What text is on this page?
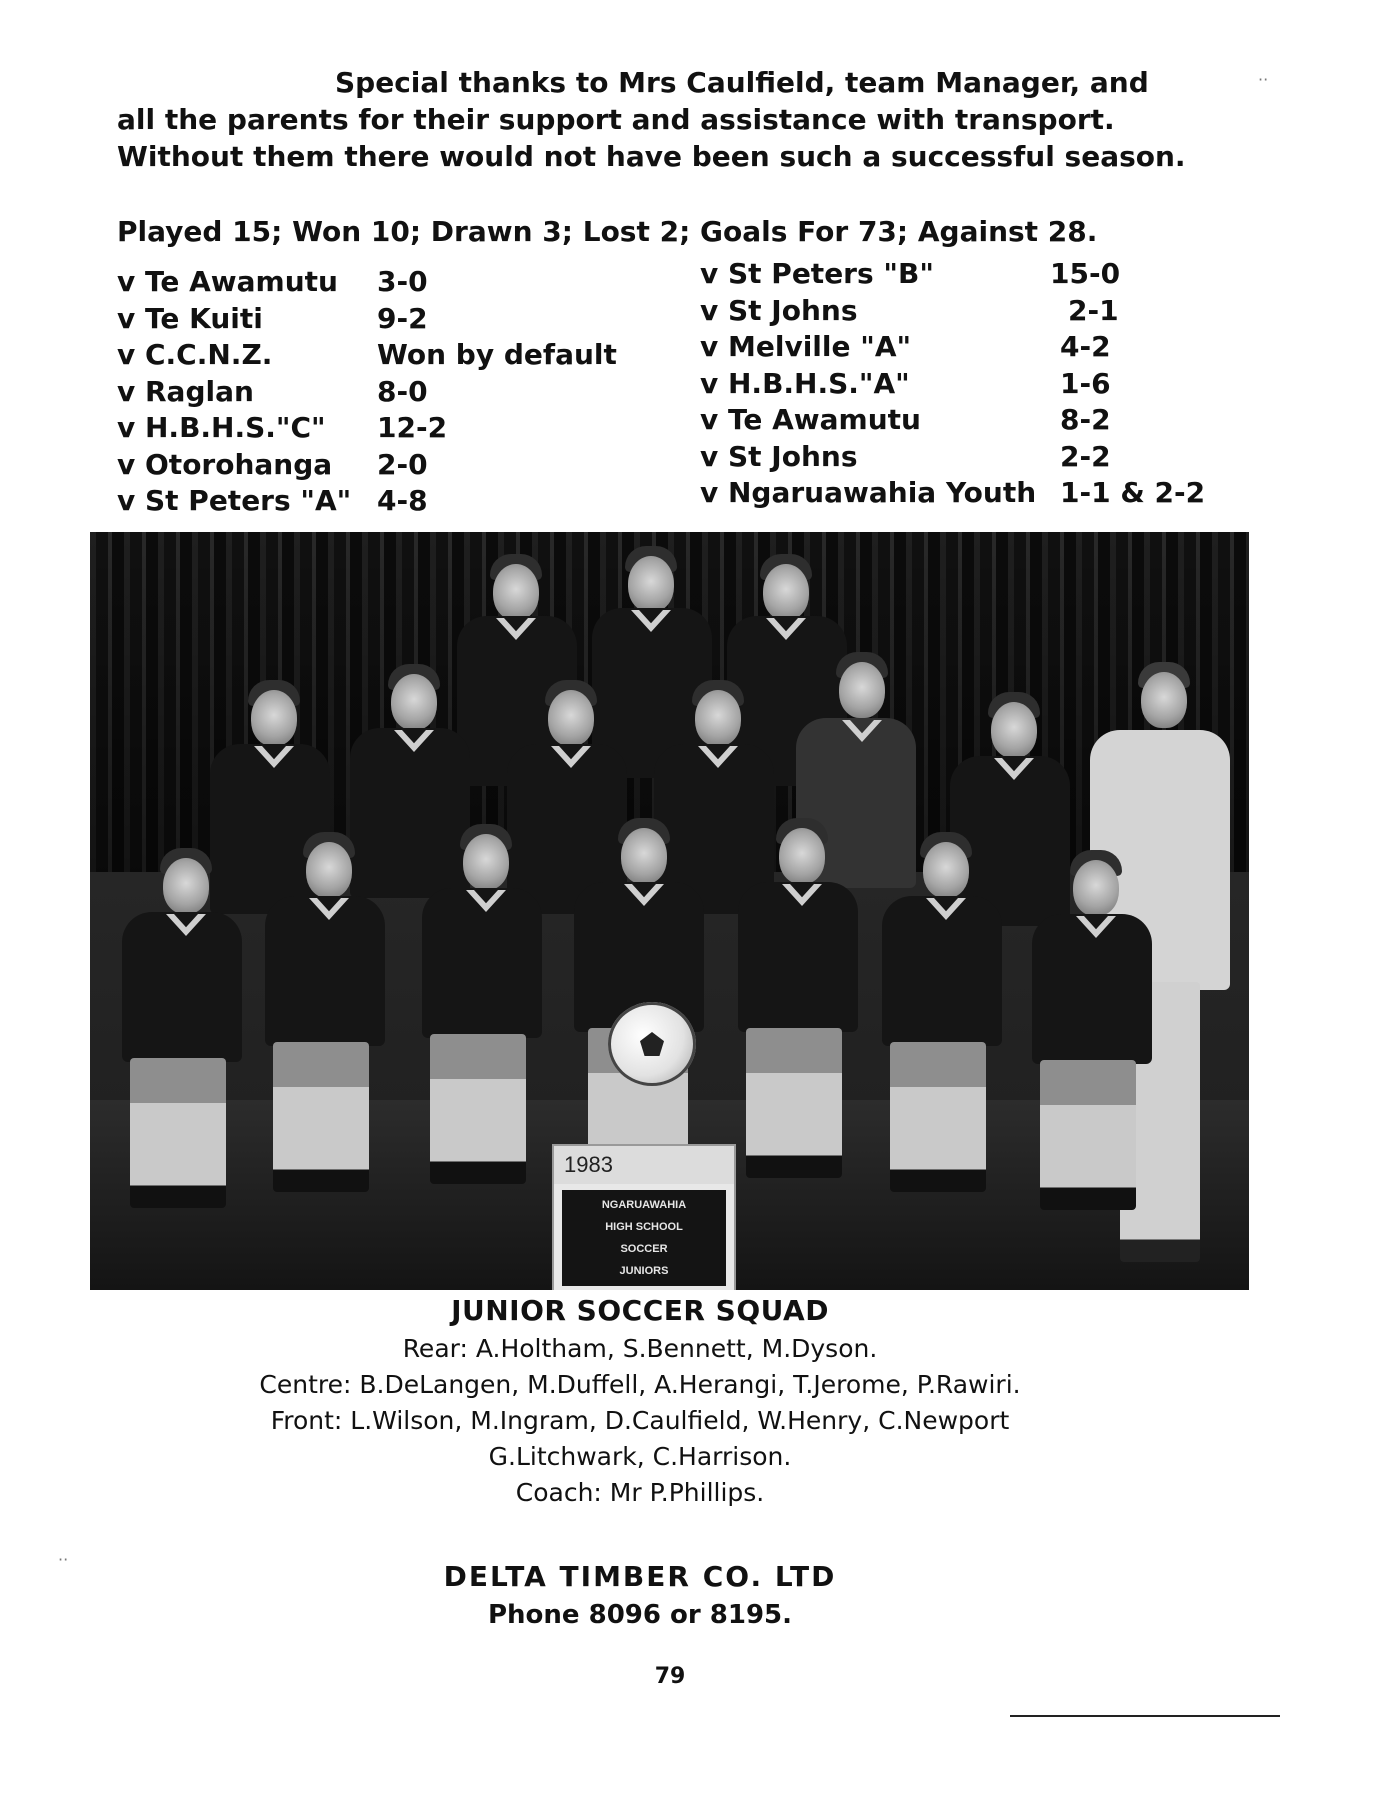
Special thanks to Mrs Caulfield, team Manager, and

all the parents for their support and assistance with transport.

Without them there would not have been such a successful season.

Played 15; Won 10; Drawn 3; Lost 2; Goals For 73; Against 28.
v Te Awamutu 3-0
v Te Kuiti	9-2
v C.C.N.Z.	Won by default
v Raglan	8-0
v H.B.H.S."C" 12-2
v Otorohanga 2-0
v St Peters "A" 4-8
v St Peters "B"	15-0
v St Johns	2-1
v Melville "A"	4-2
v H.B.H.S."A"	1-6
v Te Awamutu	8-2
v St Johns	2-2
v Ngaruawahia Youth 1-1 & 2-2
1983
NGARUAWAHIA
HIGH SCHOOL
SOCCER
JUNIORS
JUNIOR SOCCER SQUAD
Rear: A.Holtham, S.Bennett, M.Dyson.
Centre: B.DeLangen, M.Duffell, A.Herangi, T.Jerome, P.Rawiri.
Front: L.Wilson, M.Ingram, D.Caulfield, W.Henry, C.Newport
G.Litchwark, C.Harrison.
Coach: Mr P.Phillips.
DELTA TIMBER CO. LTD
Phone 8096 or 8195.
79
··
··
